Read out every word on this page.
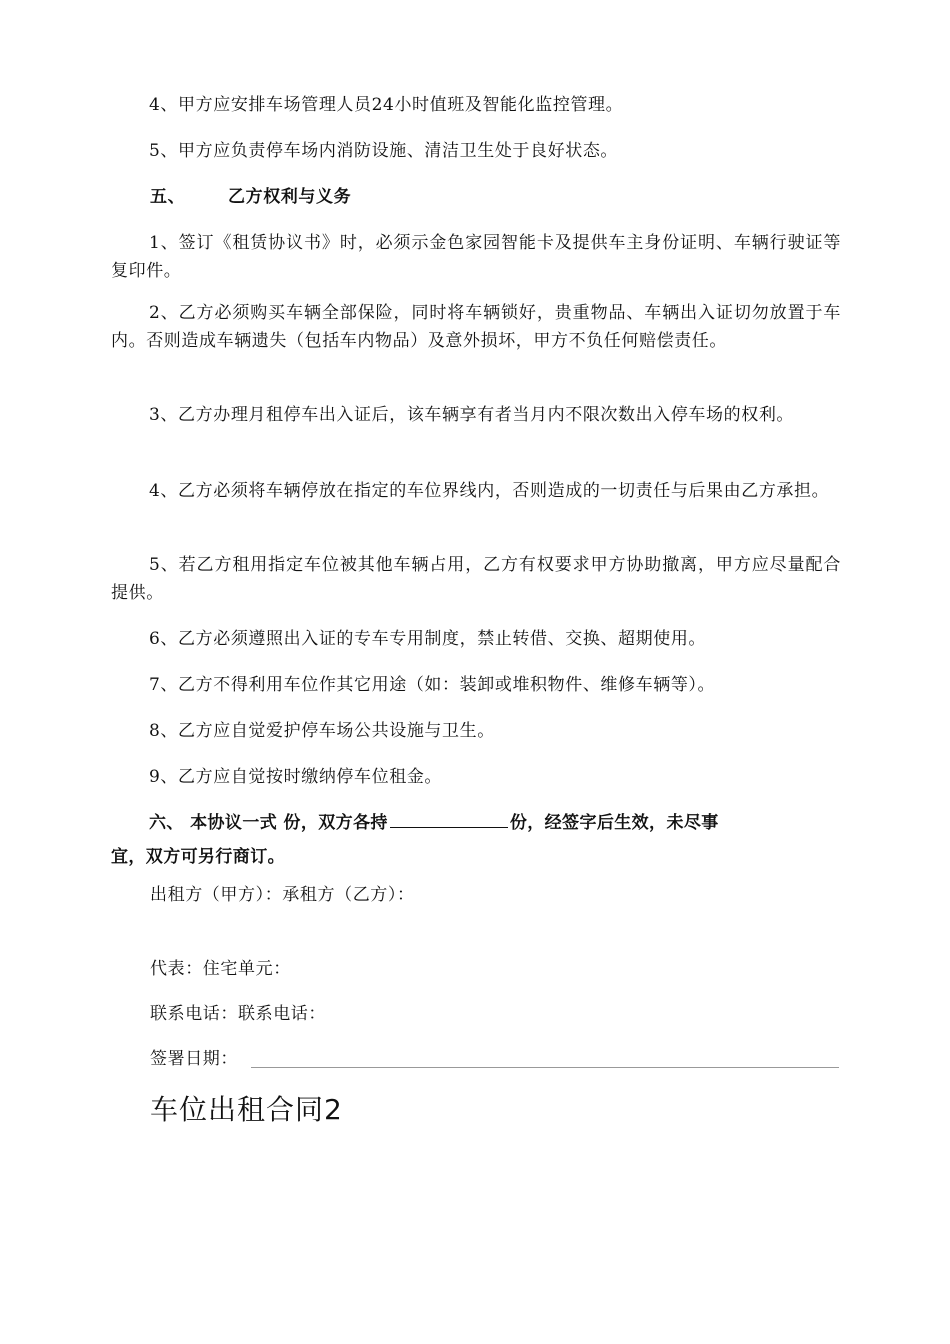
4、甲方应安排车场管理人员24小时值班及智能化监控管理。

5、甲方应负责停车场内消防设施、清洁卫生处于良好状态。

五、	乙方权利与义务

1、签订《租赁协议书》时，必须示金色家园智能卡及提供车主身份证明、车辆行驶证等复印件。

2、乙方必须购买车辆全部保险，同时将车辆锁好，贵重物品、车辆出入证切勿放置于车内。否则造成车辆遗失（包括车内物品）及意外损坏，甲方不负任何赔偿责任。

3、乙方办理月租停车出入证后，该车辆享有者当月内不限次数出入停车场的权利。

4、乙方必须将车辆停放在指定的车位界线内，否则造成的一切责任与后果由乙方承担。

5、若乙方租用指定车位被其他车辆占用，乙方有权要求甲方协助撤离，甲方应尽量配合提供。

6、乙方必须遵照出入证的专车专用制度，禁止转借、交换、超期使用。

7、乙方不得利用车位作其它用途（如：装卸或堆积物件、维修车辆等）。

8、乙方应自觉爱护停车场公共设施与卫生。

9、乙方应自觉按时缴纳停车位租金。

六、 本协议一式 份，双方各持	份，经签字后生效，未尽事
宜，双方可另行商订。
出租方（甲方）：承租方（乙方）：
代表：住宅单元：
联系电话：联系电话：
签署日期：
车位出租合同2
